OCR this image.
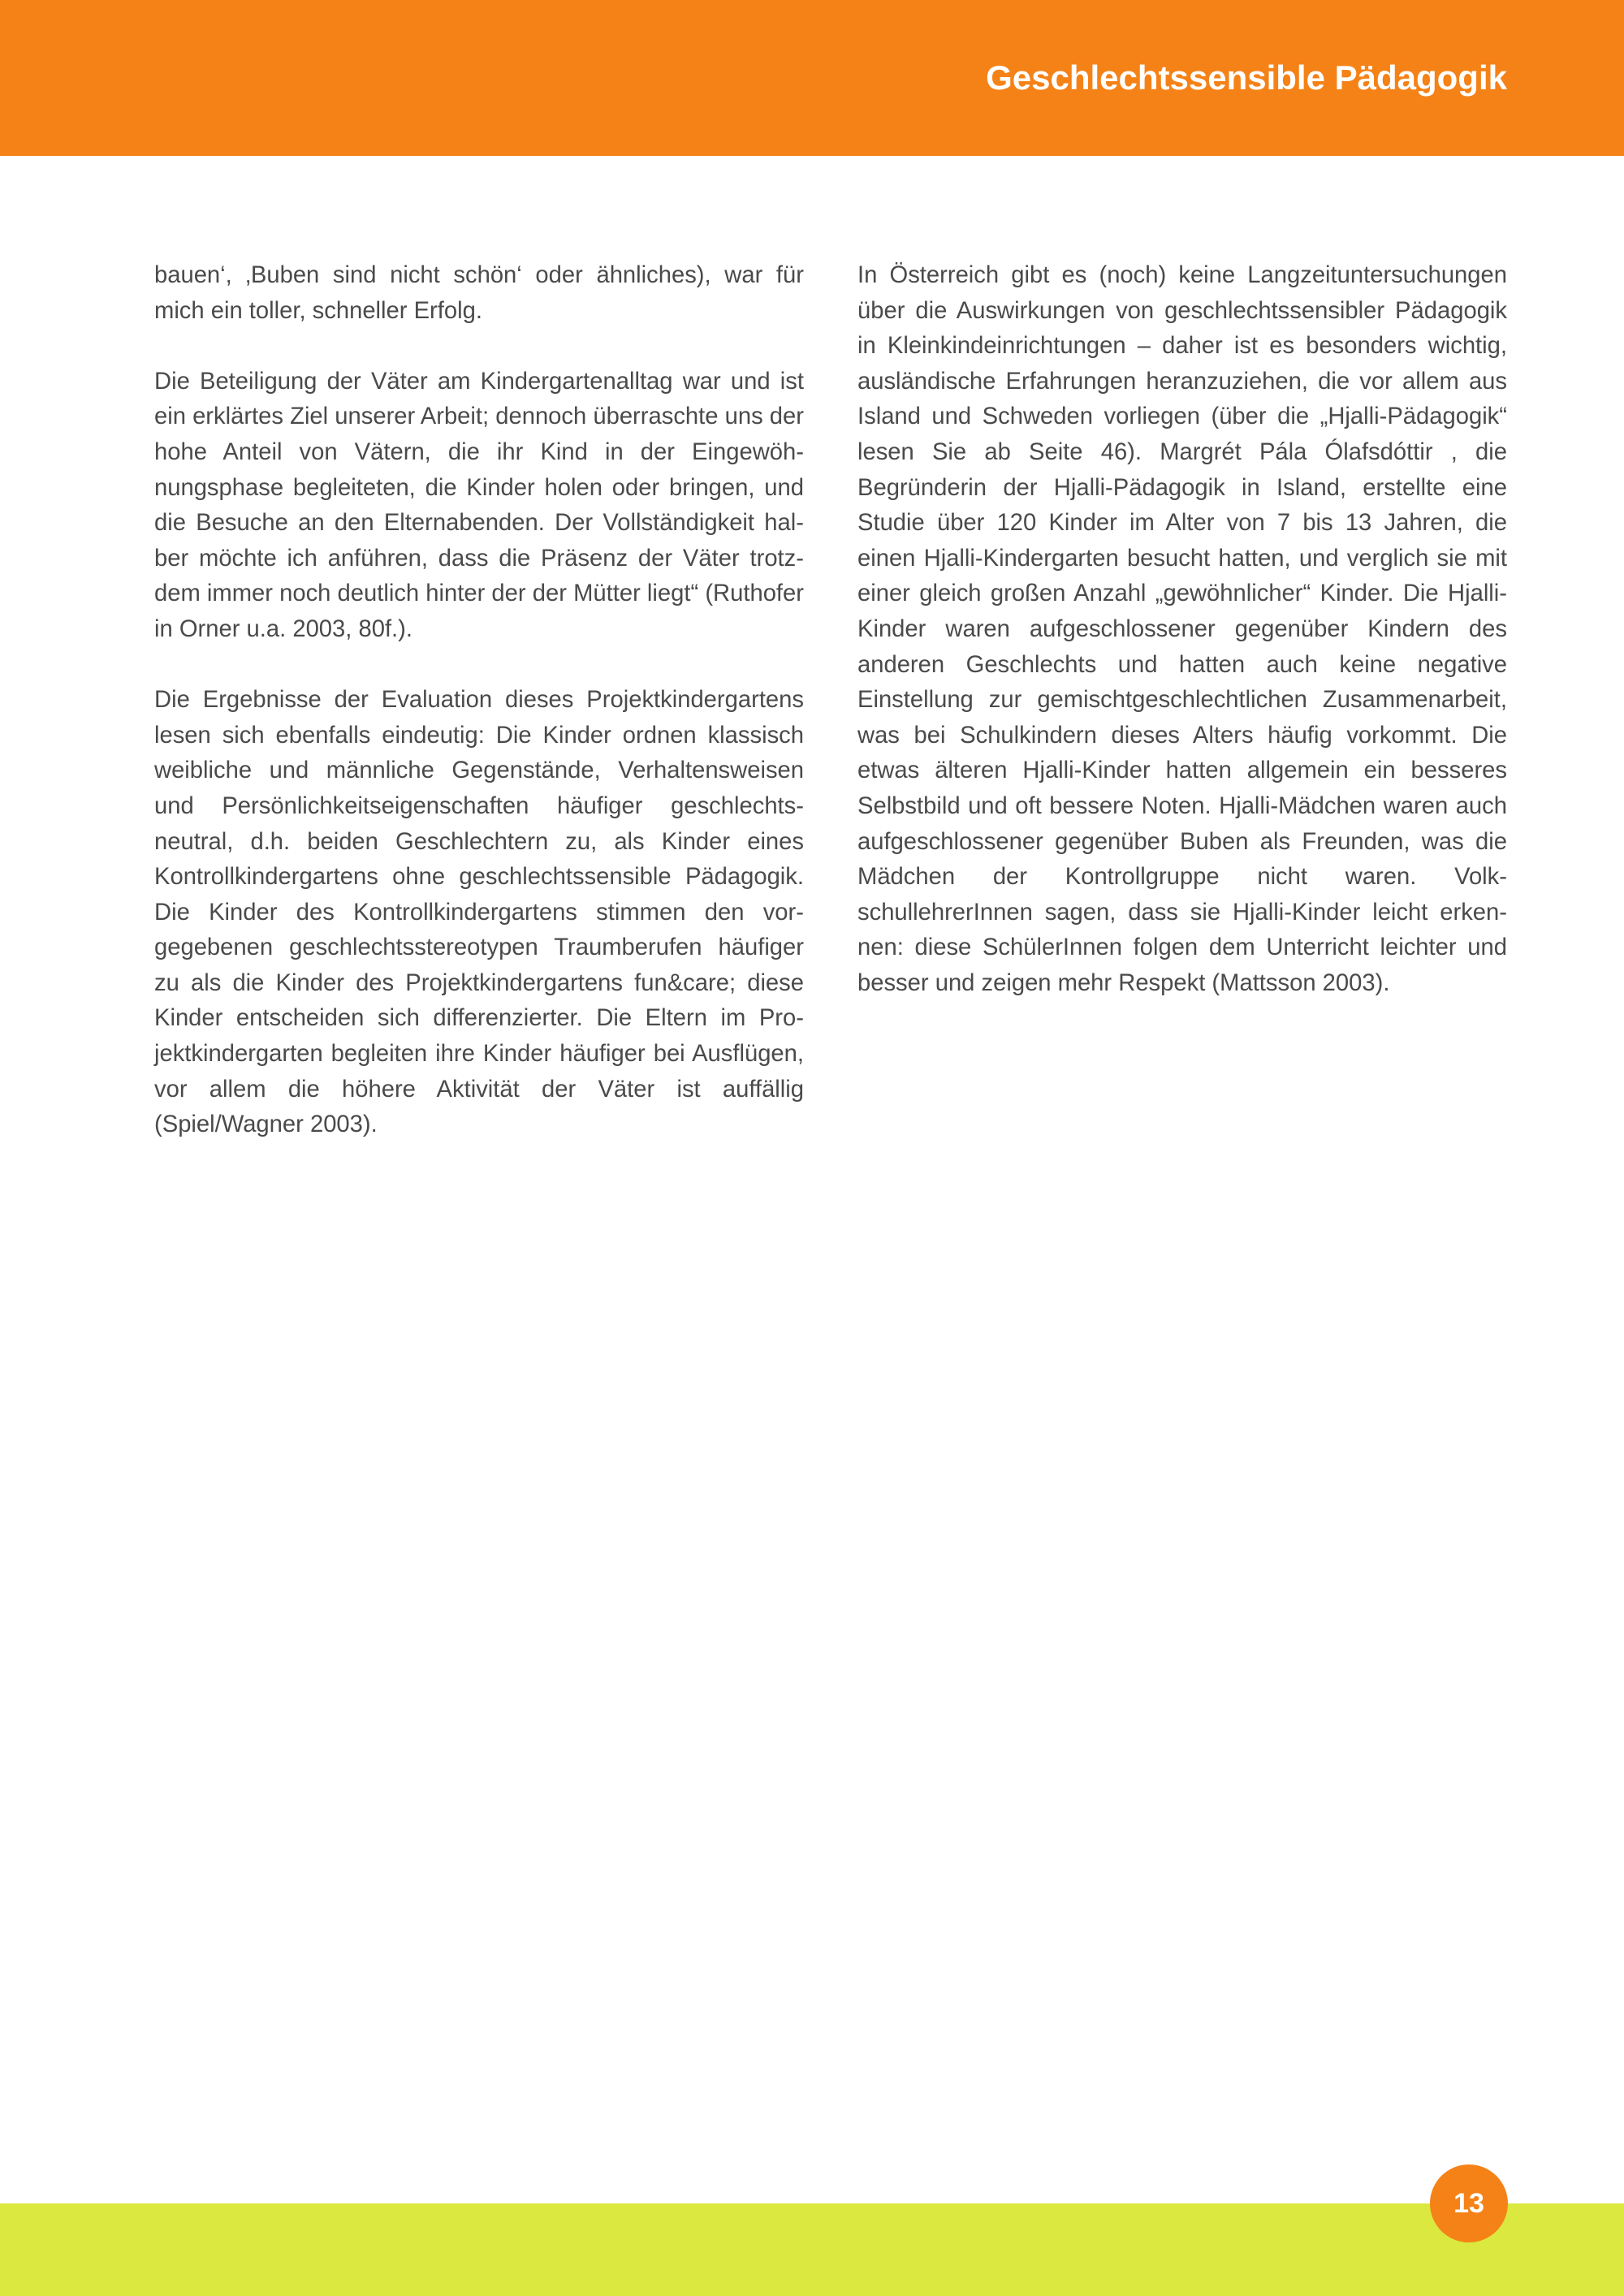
Geschlechtssensible Pädagogik

bauen‘, ‚Buben sind nicht schön‘ oder ähnliches), war für mich ein toller, schneller Erfolg.

Die Beteiligung der Väter am Kindergartenalltag war und ist ein erklärtes Ziel unserer Arbeit; dennoch überraschte uns der hohe Anteil von Vätern, die ihr Kind in der Eingewöhnungsphase begleiteten, die Kinder holen oder bringen, und die Besuche an den Elternabenden. Der Vollständigkeit halber möchte ich anführen, dass die Präsenz der Väter trotzdem immer noch deutlich hinter der der Mütter liegt“ (Ruthofer in Orner u.a. 2003, 80f.).

Die Ergebnisse der Evaluation dieses Projektkindergartens lesen sich ebenfalls eindeutig: Die Kinder ordnen klassisch weibliche und männliche Gegenstände, Verhaltensweisen und Persönlichkeitseigenschaften häufiger geschlechtsneutral, d.h. beiden Geschlechtern zu, als Kinder eines Kontrollkindergartens ohne geschlechtssensible Pädagogik. Die Kinder des Kontrollkindergartens stimmen den vorgegebenen geschlechtsstereotypen Traumberufen häufiger zu als die Kinder des Projektkindergartens fun&care; diese Kinder entscheiden sich differenzierter. Die Eltern im Projektkindergarten begleiten ihre Kinder häufiger bei Ausflügen, vor allem die höhere Aktivität der Väter ist auffällig (Spiel/Wagner 2003).

In Österreich gibt es (noch) keine Langzeituntersuchungen über die Auswirkungen von geschlechtssensibler Pädagogik in Kleinkindeinrichtungen – daher ist es besonders wichtig, ausländische Erfahrungen heranzuziehen, die vor allem aus Island und Schweden vorliegen (über die „Hjalli-Pädagogik“ lesen Sie ab Seite 46). Margrét Pála Ólafsdóttir , die Begründerin der Hjalli-Pädagogik in Island, erstellte eine Studie über 120 Kinder im Alter von 7 bis 13 Jahren, die einen Hjalli-Kindergarten besucht hatten, und verglich sie mit einer gleich großen Anzahl „gewöhnlicher“ Kinder. Die Hjalli-Kinder waren aufgeschlossener gegenüber Kindern des anderen Geschlechts und hatten auch keine negative Einstellung zur gemischtgeschlechtlichen Zusammenarbeit, was bei Schulkindern dieses Alters häufig vorkommt. Die etwas älteren Hjalli-Kinder hatten allgemein ein besseres Selbstbild und oft bessere Noten. Hjalli-Mädchen waren auch aufgeschlossener gegenüber Buben als Freunden, was die Mädchen der Kontrollgruppe nicht waren. VolkschullehrerInnen sagen, dass sie Hjalli-Kinder leicht erkennen: diese SchülerInnen folgen dem Unterricht leichter und besser und zeigen mehr Respekt (Mattsson 2003).

13
